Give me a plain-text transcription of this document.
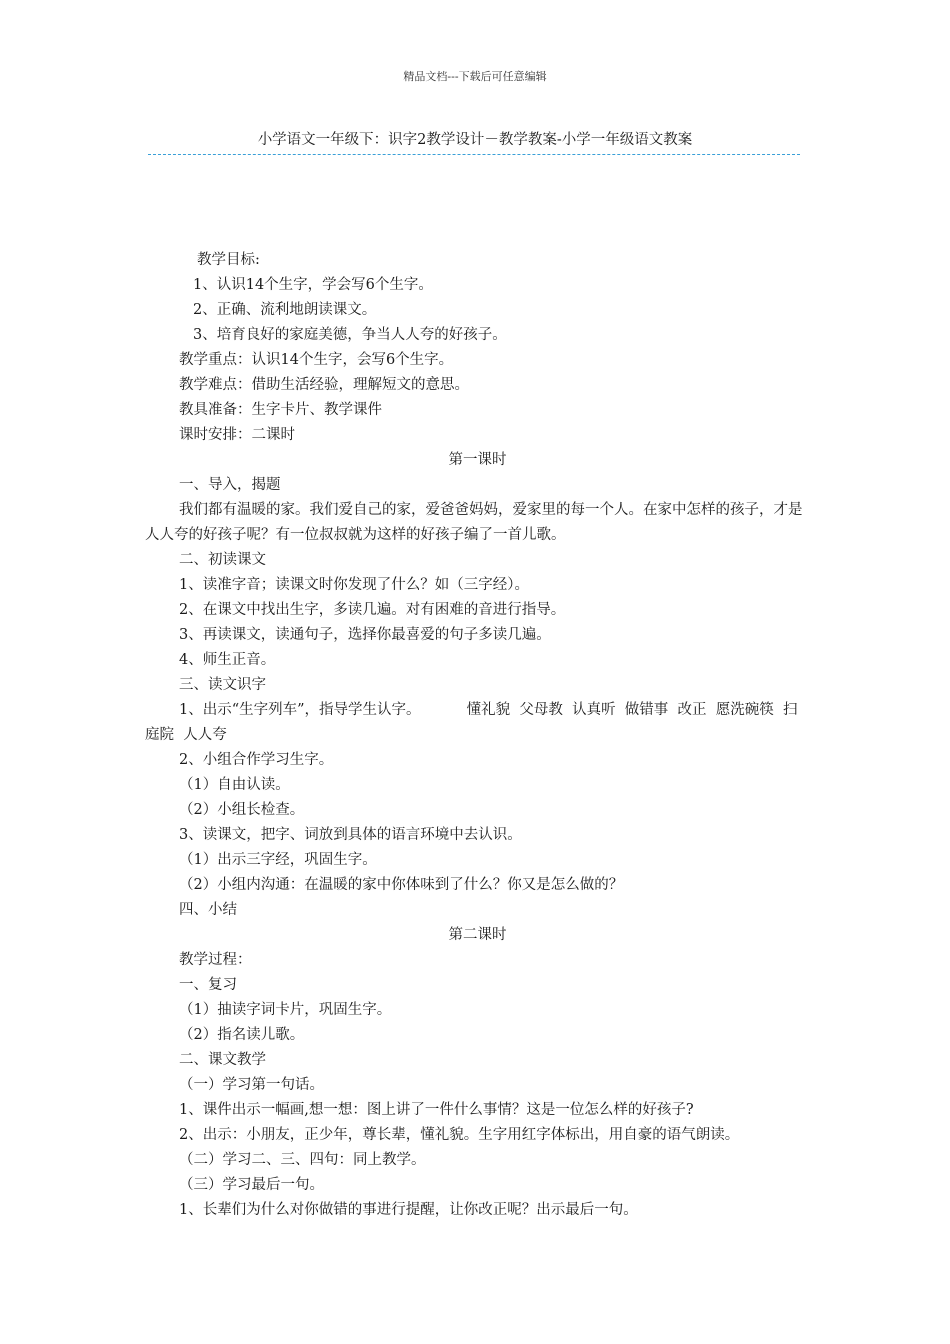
精品文档---下载后可任意编辑
小学语文一年级下：识字2教学设计－教学教案-小学一年级语文教案
教学目标:
1、认识14个生字，学会写6个生字。
2、正确、流利地朗读课文。
3、培育良好的家庭美德，争当人人夸的好孩子。
教学重点：认识14个生字，会写6个生字。
教学难点：借助生活经验，理解短文的意思。
教具准备：生字卡片、教学课件
课时安排：二课时
第一课时
一、导入，揭题
我们都有温暖的家。我们爱自己的家，爱爸爸妈妈，爱家里的每一个人。在家中怎样的孩子，才是人人夸的好孩子呢？有一位叔叔就为这样的好孩子编了一首儿歌。
二、初读课文
1、读准字音；读课文时你发现了什么？如（三字经）。
2、在课文中找出生字，多读几遍。对有困难的音进行指导。
3、再读课文，读通句子，选择你最喜爱的句子多读几遍。
4、师生正音。
三、读文识字
1、出示“生字列车”，指导学生认字。          懂礼貌  父母教  认真听  做错事  改正  愿洗碗筷  扫庭院  人人夸
2、小组合作学习生字。
（1）自由认读。
（2）小组长检查。
3、读课文，把字、词放到具体的语言环境中去认识。
（1）出示三字经，巩固生字。
（2）小组内沟通：在温暖的家中你体味到了什么？你又是怎么做的？
四、小结
第二课时
教学过程：
一、复习
（1）抽读字词卡片，巩固生字。
（2）指名读儿歌。
二、课文教学
（一）学习第一句话。
1、课件出示一幅画,想一想：图上讲了一件什么事情？这是一位怎么样的好孩子?
2、出示：小朋友，正少年，尊长辈，懂礼貌。生字用红字体标出，用自豪的语气朗读。
（二）学习二、三、四句：同上教学。
（三）学习最后一句。
1、长辈们为什么对你做错的事进行提醒，让你改正呢？出示最后一句。
